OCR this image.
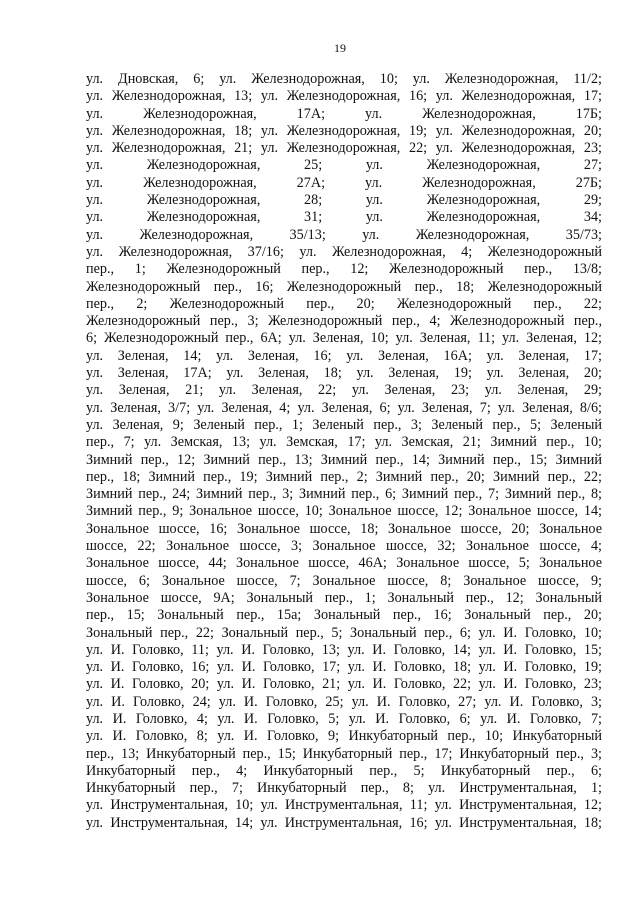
19

ул. Дновская, 6; ул. Железнодорожная, 10; ул. Железнодорожная, 11/2;
ул. Железнодорожная, 13; ул. Железнодорожная, 16; ул. Железнодорожная, 17;
ул. Железнодорожная, 17А; ул. Железнодорожная, 17Б;
ул. Железнодорожная, 18; ул. Железнодорожная, 19; ул. Железнодорожная, 20;
ул. Железнодорожная, 21; ул. Железнодорожная, 22; ул. Железнодорожная, 23;
ул. Железнодорожная, 25; ул. Железнодорожная, 27;
ул. Железнодорожная, 27А; ул. Железнодорожная, 27Б;
ул. Железнодорожная, 28; ул. Железнодорожная, 29;
ул. Железнодорожная, 31; ул. Железнодорожная, 34;
ул. Железнодорожная, 35/13; ул. Железнодорожная, 35/73;
ул. Железнодорожная, 37/16; ул. Железнодорожная, 4; Железнодорожный
пер., 1; Железнодорожный пер., 12; Железнодорожный пер., 13/8;
Железнодорожный пер., 16; Железнодорожный пер., 18; Железнодорожный
пер., 2; Железнодорожный пер., 20; Железнодорожный пер., 22;
Железнодорожный пер., 3; Железнодорожный пер., 4; Железнодорожный пер.,
6; Железнодорожный пер., 6А; ул. Зеленая, 10; ул. Зеленая, 11; ул. Зеленая, 12;
ул. Зеленая, 14; ул. Зеленая, 16; ул. Зеленая, 16А; ул. Зеленая, 17;
ул. Зеленая, 17А; ул. Зеленая, 18; ул. Зеленая, 19; ул. Зеленая, 20;
ул. Зеленая, 21; ул. Зеленая, 22; ул. Зеленая, 23; ул. Зеленая, 29;
ул. Зеленая, 3/7; ул. Зеленая, 4; ул. Зеленая, 6; ул. Зеленая, 7; ул. Зеленая, 8/6;
ул. Зеленая, 9; Зеленый пер., 1; Зеленый пер., 3; Зеленый пер., 5; Зеленый
пер., 7; ул. Земская, 13; ул. Земская, 17; ул. Земская, 21; Зимний пер., 10;
Зимний пер., 12; Зимний пер., 13; Зимний пер., 14; Зимний пер., 15; Зимний
пер., 18; Зимний пер., 19; Зимний пер., 2; Зимний пер., 20; Зимний пер., 22;
Зимний пер., 24; Зимний пер., 3; Зимний пер., 6; Зимний пер., 7; Зимний пер., 8;
Зимний пер., 9; Зональное шоссе, 10; Зональное шоссе, 12; Зональное шоссе, 14;
Зональное шоссе, 16; Зональное шоссе, 18; Зональное шоссе, 20; Зональное
шоссе, 22; Зональное шоссе, 3; Зональное шоссе, 32; Зональное шоссе, 4;
Зональное шоссе, 44; Зональное шоссе, 46А; Зональное шоссе, 5; Зональное
шоссе, 6; Зональное шоссе, 7; Зональное шоссе, 8; Зональное шоссе, 9;
Зональное шоссе, 9А; Зональный пер., 1; Зональный пер., 12; Зональный
пер., 15; Зональный пер., 15а; Зональный пер., 16; Зональный пер., 20;
Зональный пер., 22; Зональный пер., 5; Зональный пер., 6; ул. И. Головко, 10;
ул. И. Головко, 11; ул. И. Головко, 13; ул. И. Головко, 14; ул. И. Головко, 15;
ул. И. Головко, 16; ул. И. Головко, 17; ул. И. Головко, 18; ул. И. Головко, 19;
ул. И. Головко, 20; ул. И. Головко, 21; ул. И. Головко, 22; ул. И. Головко, 23;
ул. И. Головко, 24; ул. И. Головко, 25; ул. И. Головко, 27; ул. И. Головко, 3;
ул. И. Головко, 4; ул. И. Головко, 5; ул. И. Головко, 6; ул. И. Головко, 7;
ул. И. Головко, 8; ул. И. Головко, 9; Инкубаторный пер., 10; Инкубаторный
пер., 13; Инкубаторный пер., 15; Инкубаторный пер., 17; Инкубаторный пер., 3;
Инкубаторный пер., 4; Инкубаторный пер., 5; Инкубаторный пер., 6;
Инкубаторный пер., 7; Инкубаторный пер., 8; ул. Инструментальная, 1;
ул. Инструментальная, 10; ул. Инструментальная, 11; ул. Инструментальная, 12;
ул. Инструментальная, 14; ул. Инструментальная, 16; ул. Инструментальная, 18;
